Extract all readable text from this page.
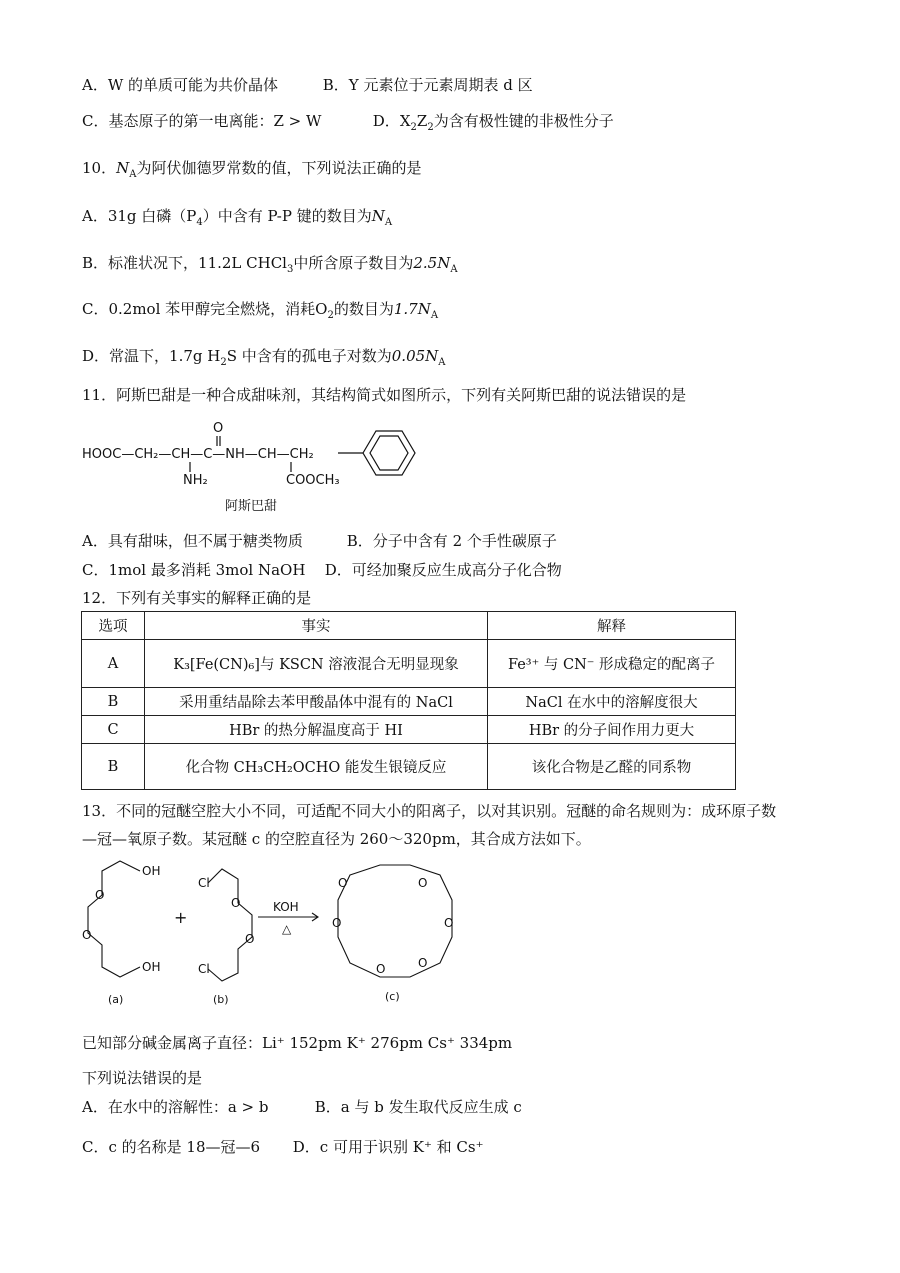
A．W 的单质可能为共价晶体	B．Y 元素位于元素周期表 d 区
C．基态原子的第一电离能：Z > W	D．$X_2Z_2$为含有极性键的非极性分子
10．$N_A$为阿伏伽德罗常数的值，下列说法正确的是
A．31g 白磷$(P_4)$中含有 P-P 键的数目为$N_A$
B．标准状况下，11.2L CHCl$_3$中所含原子数目为$2.5N_A$
C．0.2mol 苯甲醇完全燃烧，消耗$O_2$的数目为$1.7N_A$
D．常温下，1.7g $H_2S$ 中含有的孤电子对数为$0.05N_A$
11．阿斯巴甜是一种合成甜味剂，其结构简式如图所示，下列有关阿斯巴甜的说法错误的是
HOOC—CH₂—CH—C—NH—CH—CH₂
NH₂	COOCH₃
O
阿斯巴甜
A．具有甜味，但不属于糖类物质	B．分子中含有 2 个手性碳原子
C．1mol 最多消耗 3mol NaOH D．可经加聚反应生成高分子化合物
12．下列有关事实的解释正确的是
选项	事实	解释
A	K₃[Fe(CN)₆]与 KSCN 溶液混合无明显现象	Fe³⁺ 与 CN⁻ 形成稳定的配离子
B	采用重结晶除去苯甲酸晶体中混有的 NaCl	NaCl 在水中的溶解度很大
C	HBr 的热分解温度高于 HI	HBr 的分子间作用力更大
B	化合物 CH₃CH₂OCHO 能发生银镜反应	该化合物是乙醛的同系物
13．不同的冠醚空腔大小不同，可适配不同大小的阳离子，以对其识别。冠醚的命名规则为：成环原子数
—冠—氧原子数。某冠醚 c 的空腔直径为 260～320pm，其合成方法如下。
OH
OH
O
O
Cl
Cl
O
O
O	O
O	O
O	O
+
KOH
△
(a)	(b)	(c)
已知部分碱金属离子直径：Li⁺ 152pm K⁺ 276pm Cs⁺ 334pm
下列说法错误的是
A．在水中的溶解性：a > b	B．a 与 b 发生取代反应生成 c
C．c 的名称是 18—冠—6 D．c 可用于识别 K⁺ 和 Cs⁺
